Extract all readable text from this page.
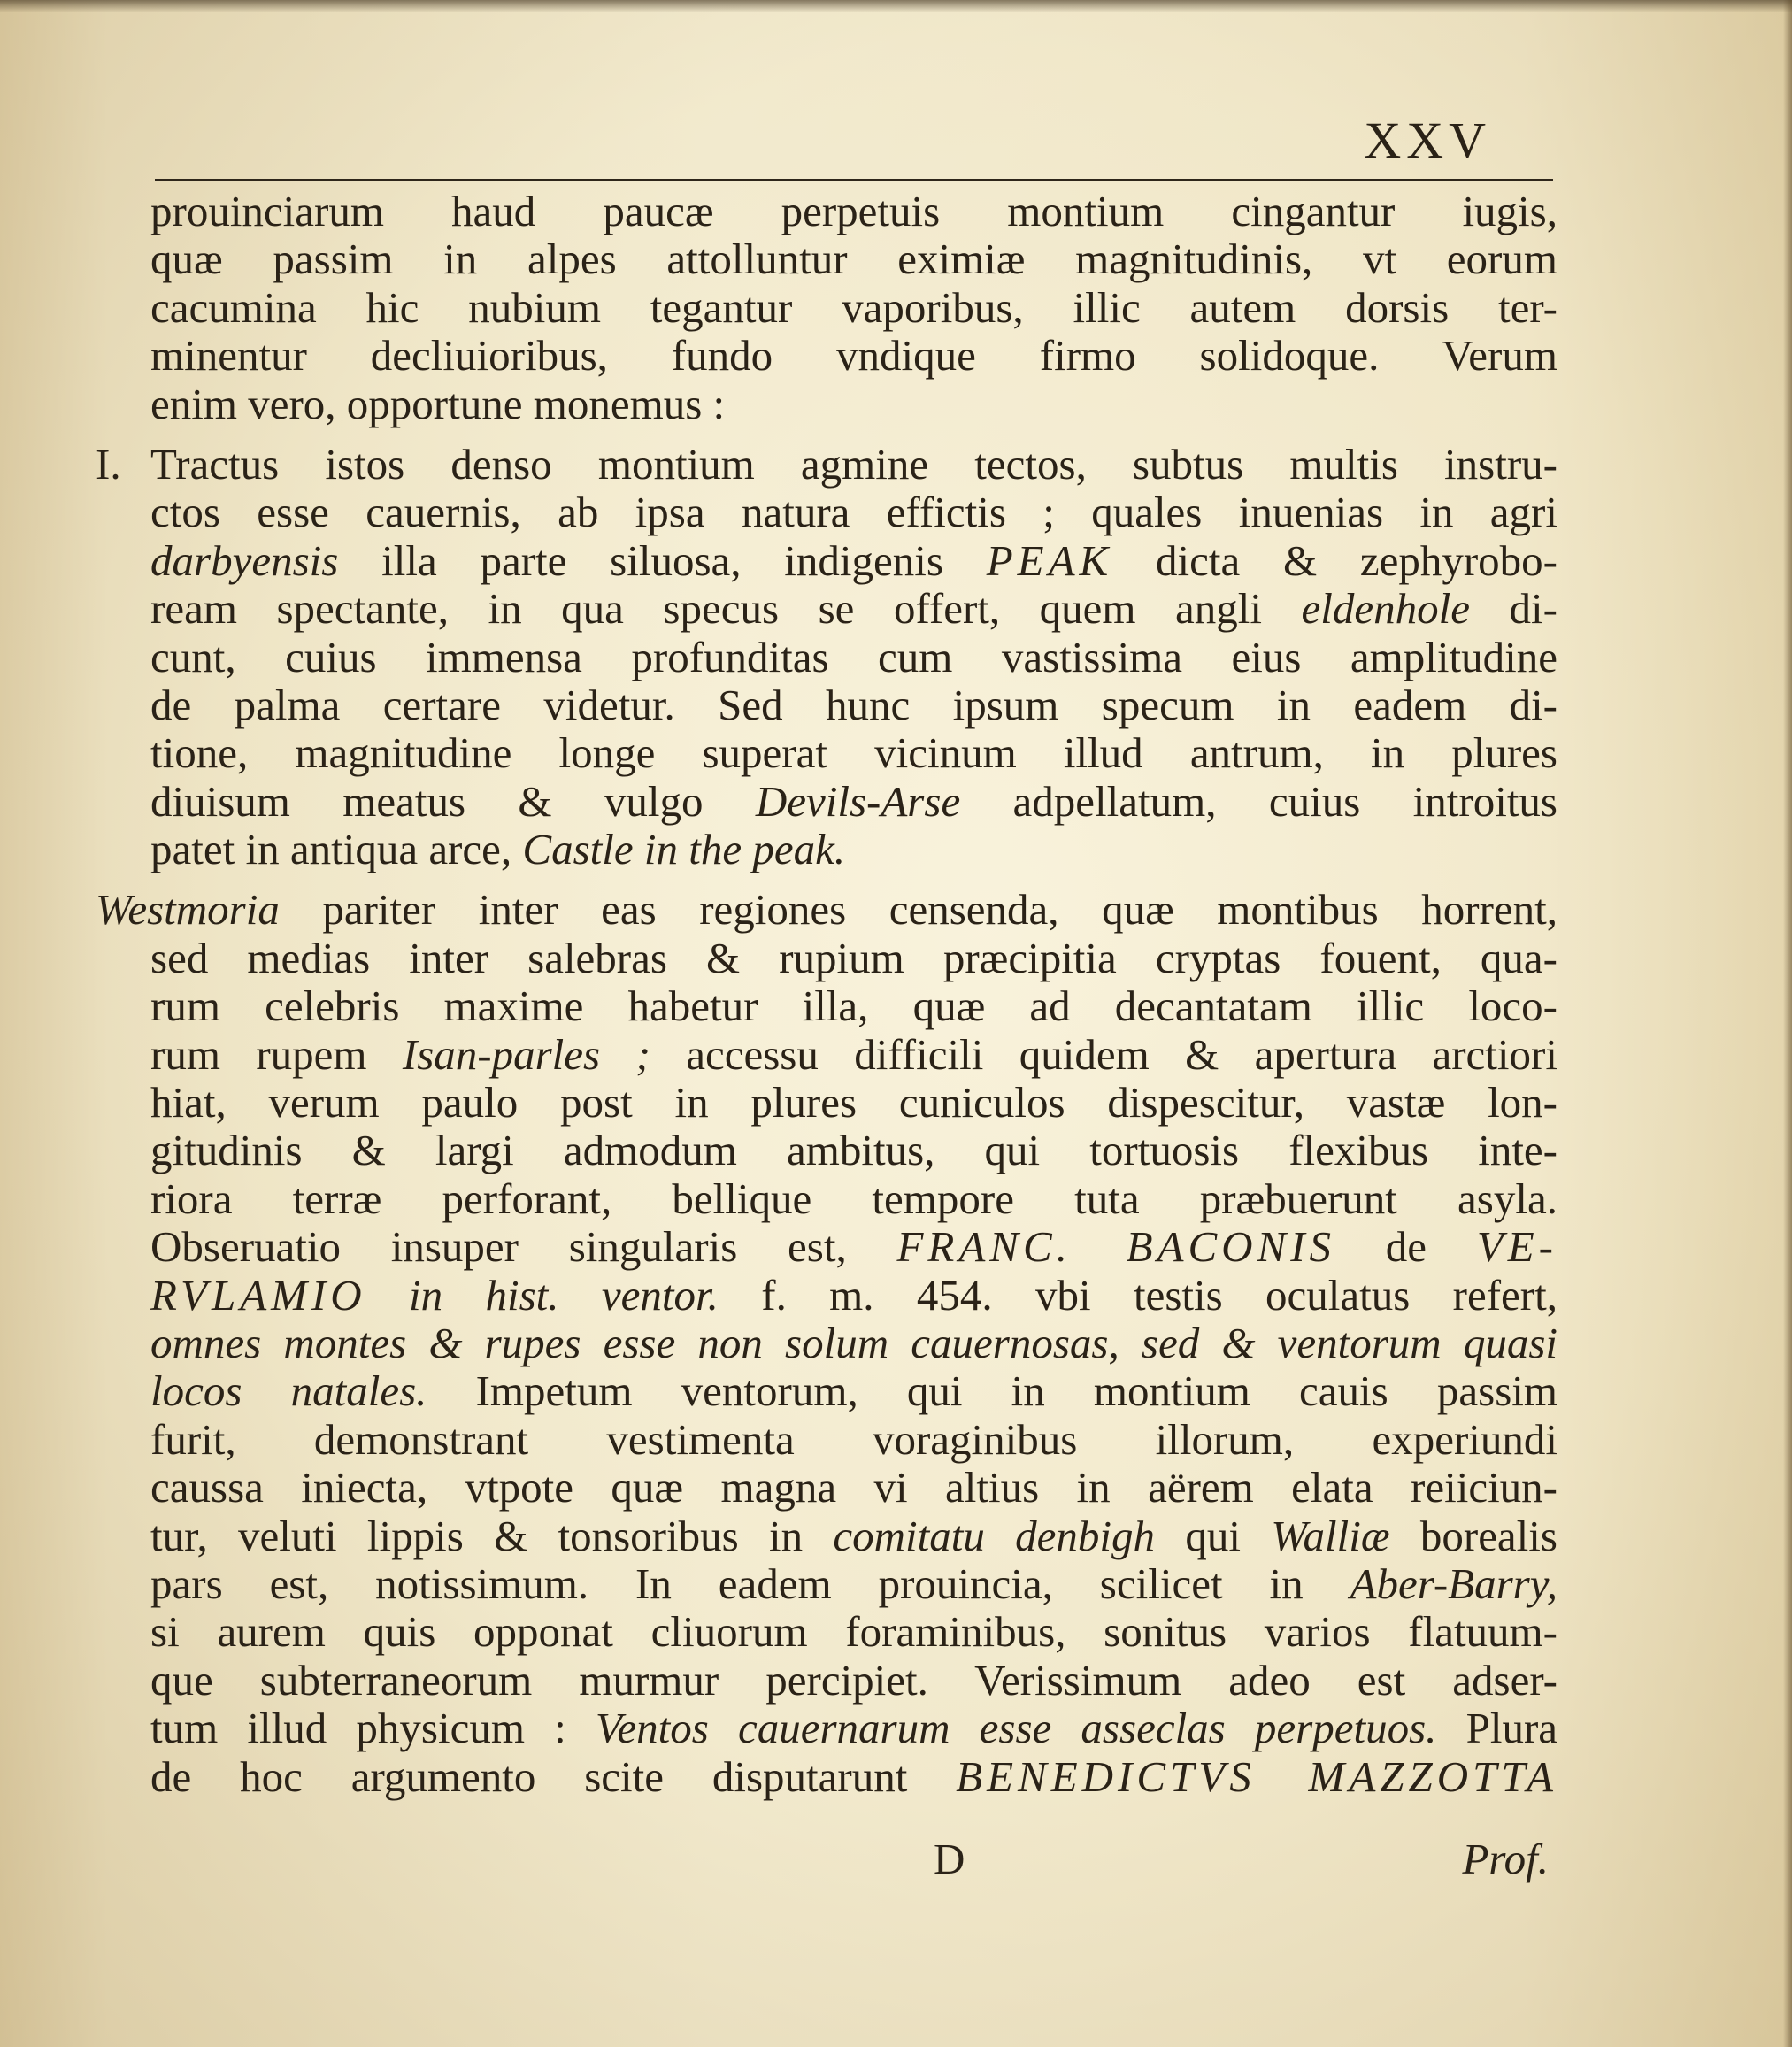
XXV
prouinciarum haud paucæ perpetuis montium cingantur iugis,
quæ passim in alpes attolluntur eximiæ magnitudinis, vt eorum
cacumina hic nubium tegantur vaporibus, illic autem dorsis ter-
minentur decliuioribus, fundo vndique firmo solidoque. Verum
enim vero, opportune monemus :
I. Tractus istos denso montium agmine tectos, subtus multis instru-
ctos esse cauernis, ab ipsa natura effictis ; quales inuenias in agri
darbyensis illa parte siluosa, indigenis PEAK dicta & zephyrobo-
ream spectante, in qua specus se offert, quem angli eldenhole di-
cunt, cuius immensa profunditas cum vastissima eius amplitudine
de palma certare videtur. Sed hunc ipsum specum in eadem di-
tione, magnitudine longe superat vicinum illud antrum, in plures
diuisum meatus & vulgo Devils-Arse adpellatum, cuius introitus
patet in antiqua arce, Castle in the peak.
Westmoria pariter inter eas regiones censenda, quæ montibus horrent,
sed medias inter salebras & rupium præcipitia cryptas fouent, qua-
rum celebris maxime habetur illa, quæ ad decantatam illic loco-
rum rupem Isan-parles ; accessu difficili quidem & apertura arctiori
hiat, verum paulo post in plures cuniculos dispescitur, vastæ lon-
gitudinis & largi admodum ambitus, qui tortuosis flexibus inte-
riora terræ perforant, bellique tempore tuta præbuerunt asyla.
Obseruatio insuper singularis est, FRANC. BACONIS de VE-
RVLAMIO in hist. ventor. f. m. 454. vbi testis oculatus refert,
omnes montes & rupes esse non solum cauernosas, sed & ventorum quasi
locos natales. Impetum ventorum, qui in montium cauis passim
furit, demonstrant vestimenta voraginibus illorum, experiundi
caussa iniecta, vtpote quæ magna vi altius in aërem elata reiiciun-
tur, veluti lippis & tonsoribus in comitatu denbigh qui Walliæ borealis
pars est, notissimum. In eadem prouincia, scilicet in Aber-Barry,
si aurem quis opponat cliuorum foraminibus, sonitus varios flatuum-
que subterraneorum murmur percipiet. Verissimum adeo est adser-
tum illud physicum : Ventos cauernarum esse asseclas perpetuos. Plura
de hoc argumento scite disputarunt BENEDICTVS MAZZOTTA
D	Prof.
